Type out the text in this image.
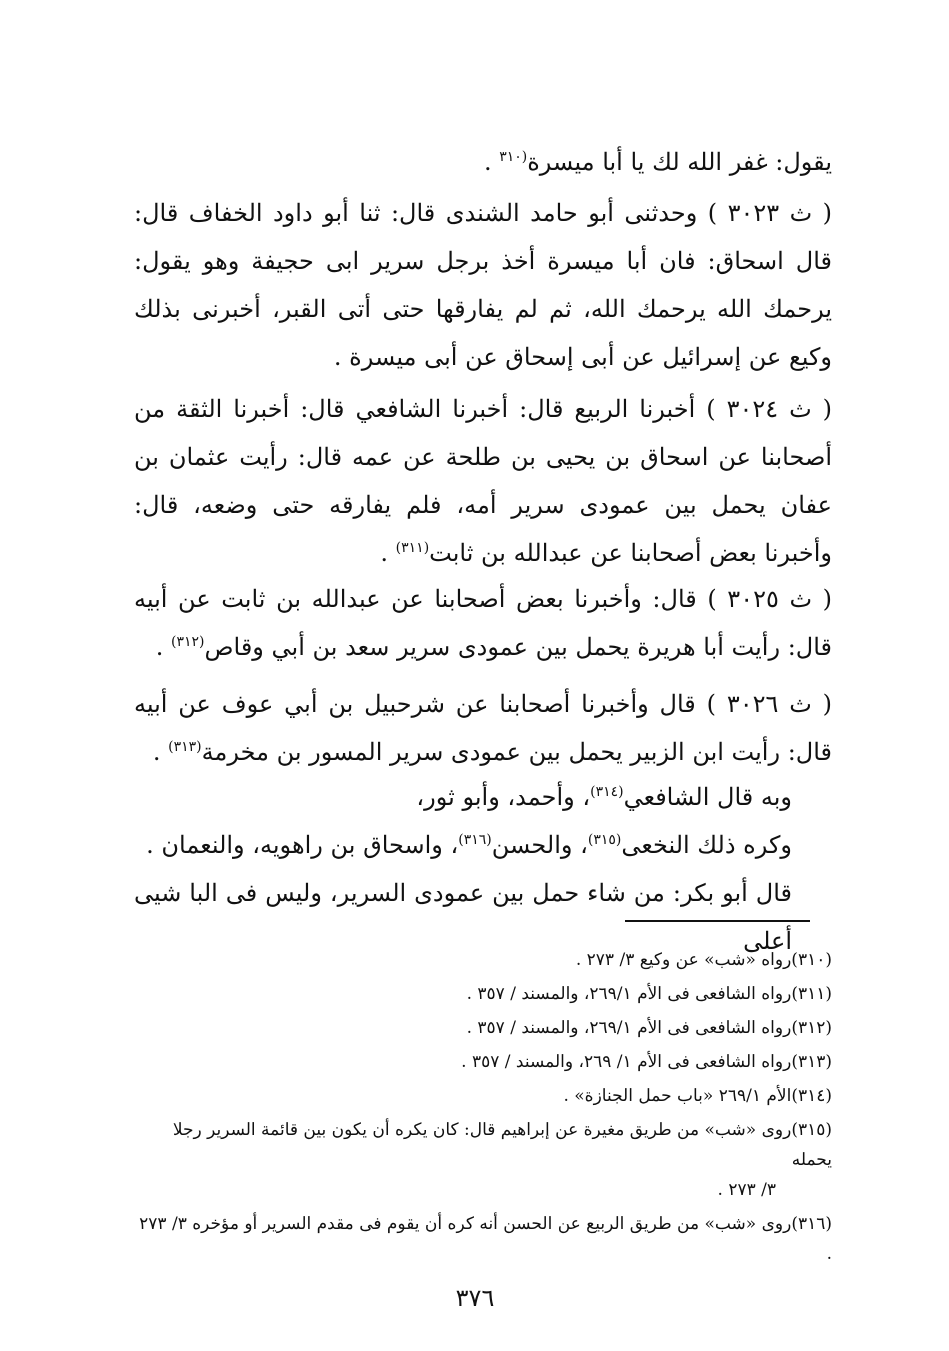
يقول: غفر الله لك يا أبا ميسرة$^{(٣١٠}$ .

( ث ٣٠٢٣ ) وحدثنى أبو حامد الشندى قال: ثنا أبو داود الخفاف قال: قال اسحاق: فان أبا ميسرة أخذ برجل سرير ابى حجيفة وهو يقول: يرحمك الله يرحمك الله، ثم لم يفارقها حتى أتى القبر، أخبرنى بذلك وكيع عن إسرائيل عن أبى إسحاق عن أبى ميسرة .

( ث ٣٠٢٤ ) أخبرنا الربيع قال: أخبرنا الشافعي قال: أخبرنا الثقة من أصحابنا عن اسحاق بن يحيى بن طلحة عن عمه قال: رأيت عثمان بن عفان يحمل بين عمودى سرير أمه، فلم يفارقه حتى وضعه، قال: وأخبرنا بعض أصحابنا عن عبدالله بن ثابت$^{(٣١١)}$ .

( ث ٣٠٢٥ ) قال: وأخبرنا بعض أصحابنا عن عبدالله بن ثابت عن أبيه قال: رأيت أبا هريرة يحمل بين عمودى سرير سعد بن أبي وقاص$^{(٣١٢)}$ .

( ث ٣٠٢٦ ) قال وأخبرنا أصحابنا عن شرحبيل بن أبي عوف عن أبيه قال: رأيت ابن الزبير يحمل بين عمودى سرير المسور بن مخرمة$^{(٣١٣)}$ .

وبه قال الشافعي$^{(٣١٤)}$، وأحمد، وأبو ثور،

وكره ذلك النخعى$^{(٣١٥)}$، والحسن$^{(٣١٦)}$، واسحاق بن راهويه، والنعمان .

قال أبو بكر: من شاء حمل بين عمودى السرير، وليس فى البا شيى أعلى

(٣١٠)رواه «شب» عن وكيع ٣/ ٢٧٣ .

(٣١١)رواه الشافعى فى الأم ٢٦٩/١، والمسند / ٣٥٧ .

(٣١٢)رواه الشافعى فى الأم ٢٦٩/١، والمسند / ٣٥٧ .

(٣١٣)رواه الشافعى فى الأم ١/ ٢٦٩، والمسند / ٣٥٧ .

(٣١٤)الأم ٢٦٩/١ «باب حمل الجنازة» .

(٣١٥)روى «شب» من طريق مغيرة عن إبراهيم قال: كان يكره أن يكون بين قائمة السرير رجلا يحمله

٣/ ٢٧٣ .

(٣١٦)روى «شب» من طريق الربيع عن الحسن أنه كره أن يقوم فى مقدم السرير أو مؤخره ٣/ ٢٧٣ .

٣٧٦
